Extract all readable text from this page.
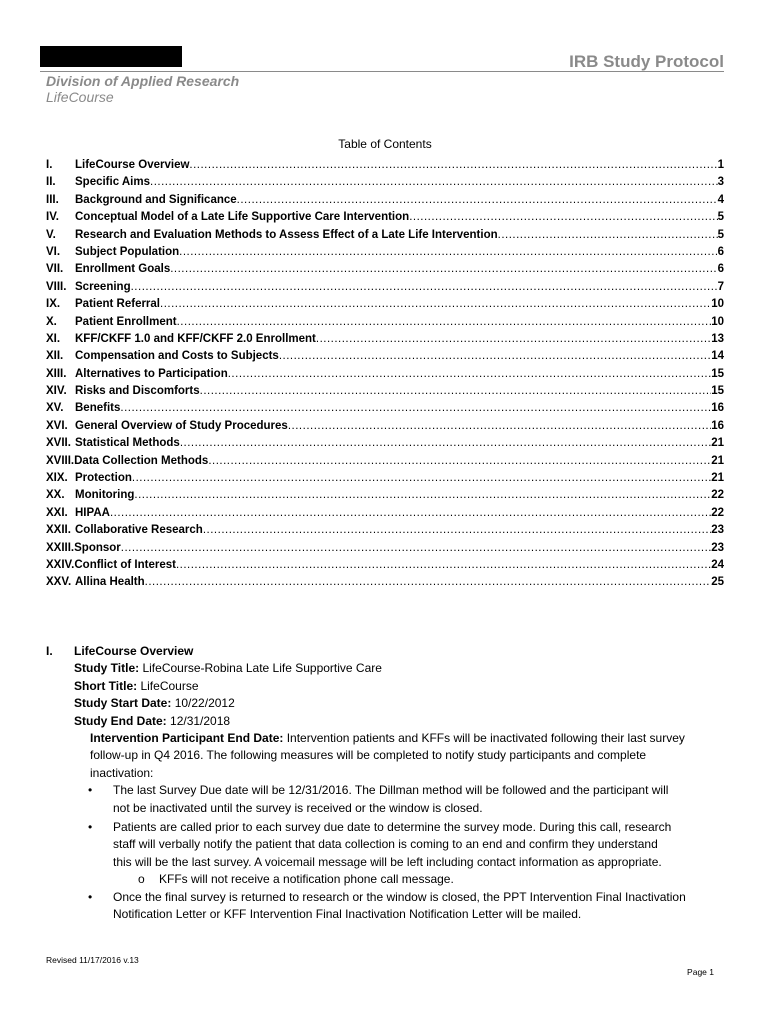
IRB Study Protocol
Division of Applied Research
LifeCourse
Table of Contents
I. LifeCourse Overview .....	1
II. Specific Aims .....	3
III. Background and Significance .....	4
IV. Conceptual Model of a Late Life Supportive Care Intervention .....	5
V. Research and Evaluation Methods to Assess Effect of a Late Life Intervention .....	5
VI. Subject Population .....	6
VII. Enrollment Goals .....	6
VIII. Screening .....	7
IX. Patient Referral .....	10
X. Patient Enrollment .....	10
XI. KFF/CKFF 1.0 and KFF/CKFF 2.0 Enrollment .....	13
XII. Compensation and Costs to Subjects .....	14
XIII. Alternatives to Participation .....	15
XIV. Risks and Discomforts .....	15
XV. Benefits .....	16
XVI. General Overview of Study Procedures .....	16
XVII. Statistical Methods .....	21
XVIII. Data Collection Methods .....	21
XIX. Protection .....	21
XX. Monitoring .....	22
XXI. HIPAA .....	22
XXII. Collaborative Research .....	23
XXIII. Sponsor .....	23
XXIV. Conflict of Interest .....	24
XXV. Allina Health .....	25
I. LifeCourse Overview
Study Title: LifeCourse-Robina Late Life Supportive Care
Short Title: LifeCourse
Study Start Date: 10/22/2012
Study End Date: 12/31/2018
Intervention Participant End Date: Intervention patients and KFFs will be inactivated following their last survey
follow-up in Q4 2016. The following measures will be completed to notify study participants and complete
inactivation:
• The last Survey Due date will be 12/31/2016. The Dillman method will be followed and the participant will
not be inactivated until the survey is received or the window is closed.
• Patients are called prior to each survey due date to determine the survey mode. During this call, research
staff will verbally notify the patient that data collection is coming to an end and confirm they understand
this will be the last survey. A voicemail message will be left including contact information as appropriate.
o KFFs will not receive a notification phone call message.
• Once the final survey is returned to research or the window is closed, the PPT Intervention Final Inactivation
Notification Letter or KFF Intervention Final Inactivation Notification Letter will be mailed.
Revised 11/17/2016 v.13
Page 1
